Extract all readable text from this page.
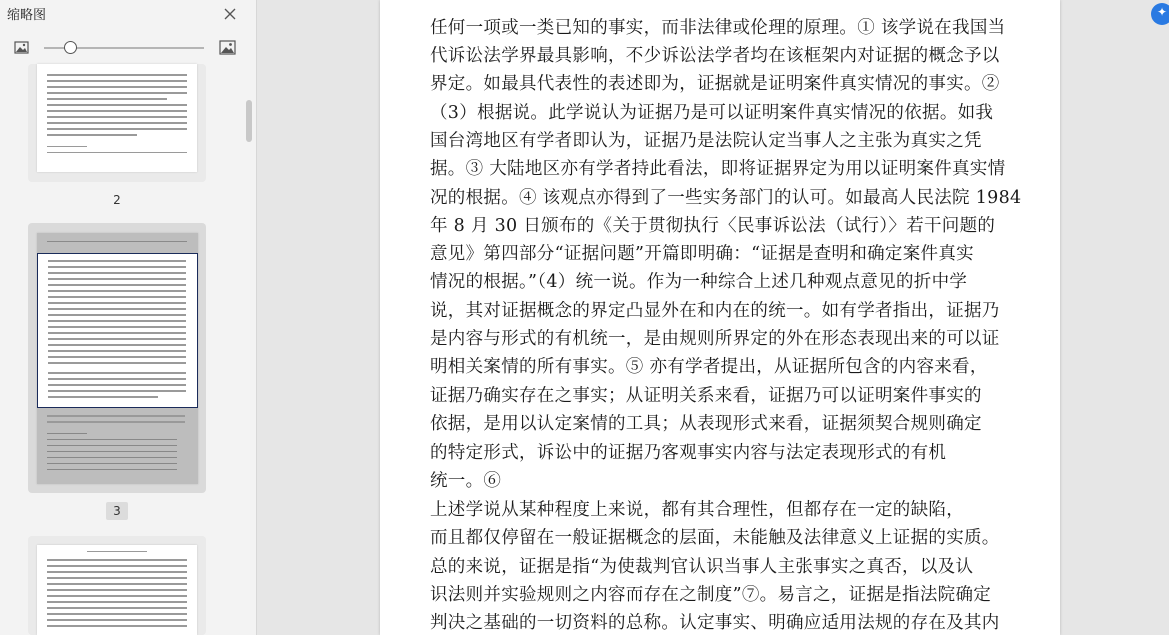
缩略图
2
3
任何一项或一类已知的事实，而非法律或伦理的原理。① 该学说在我国当
代诉讼法学界最具影响，不少诉讼法学者均在该框架内对证据的概念予以
界定。如最具代表性的表述即为，证据就是证明案件真实情况的事实。②
（3）根据说。此学说认为证据乃是可以证明案件真实情况的依据。如我
国台湾地区有学者即认为，证据乃是法院认定当事人之主张为真实之凭
据。③ 大陆地区亦有学者持此看法，即将证据界定为用以证明案件真实情
况的根据。④ 该观点亦得到了一些实务部门的认可。如最高人民法院 1984
年 8 月 30 日颁布的《关于贯彻执行〈民事诉讼法（试行）〉若干问题的
意见》第四部分“证据问题”开篇即明确：“证据是查明和确定案件真实
情况的根据。”（4）统一说。作为一种综合上述几种观点意见的折中学
说，其对证据概念的界定凸显外在和内在的统一。如有学者指出，证据乃
是内容与形式的有机统一，是由规则所界定的外在形态表现出来的可以证
明相关案情的所有事实。⑤ 亦有学者提出，从证据所包含的内容来看，
证据乃确实存在之事实；从证明关系来看，证据乃可以证明案件事实的
依据，是用以认定案情的工具；从表现形式来看，证据须契合规则确定
的特定形式，诉讼中的证据乃客观事实内容与法定表现形式的有机
统一。⑥
上述学说从某种程度上来说，都有其合理性，但都存在一定的缺陷，
而且都仅停留在一般证据概念的层面，未能触及法律意义上证据的实质。
总的来说，证据是指“为使裁判官认识当事人主张事实之真否，以及认
识法则并实验规则之内容而存在之制度”⑦。易言之，证据是指法院确定
判决之基础的一切资料的总称。认定事实、明确应适用法规的存在及其内
✦
